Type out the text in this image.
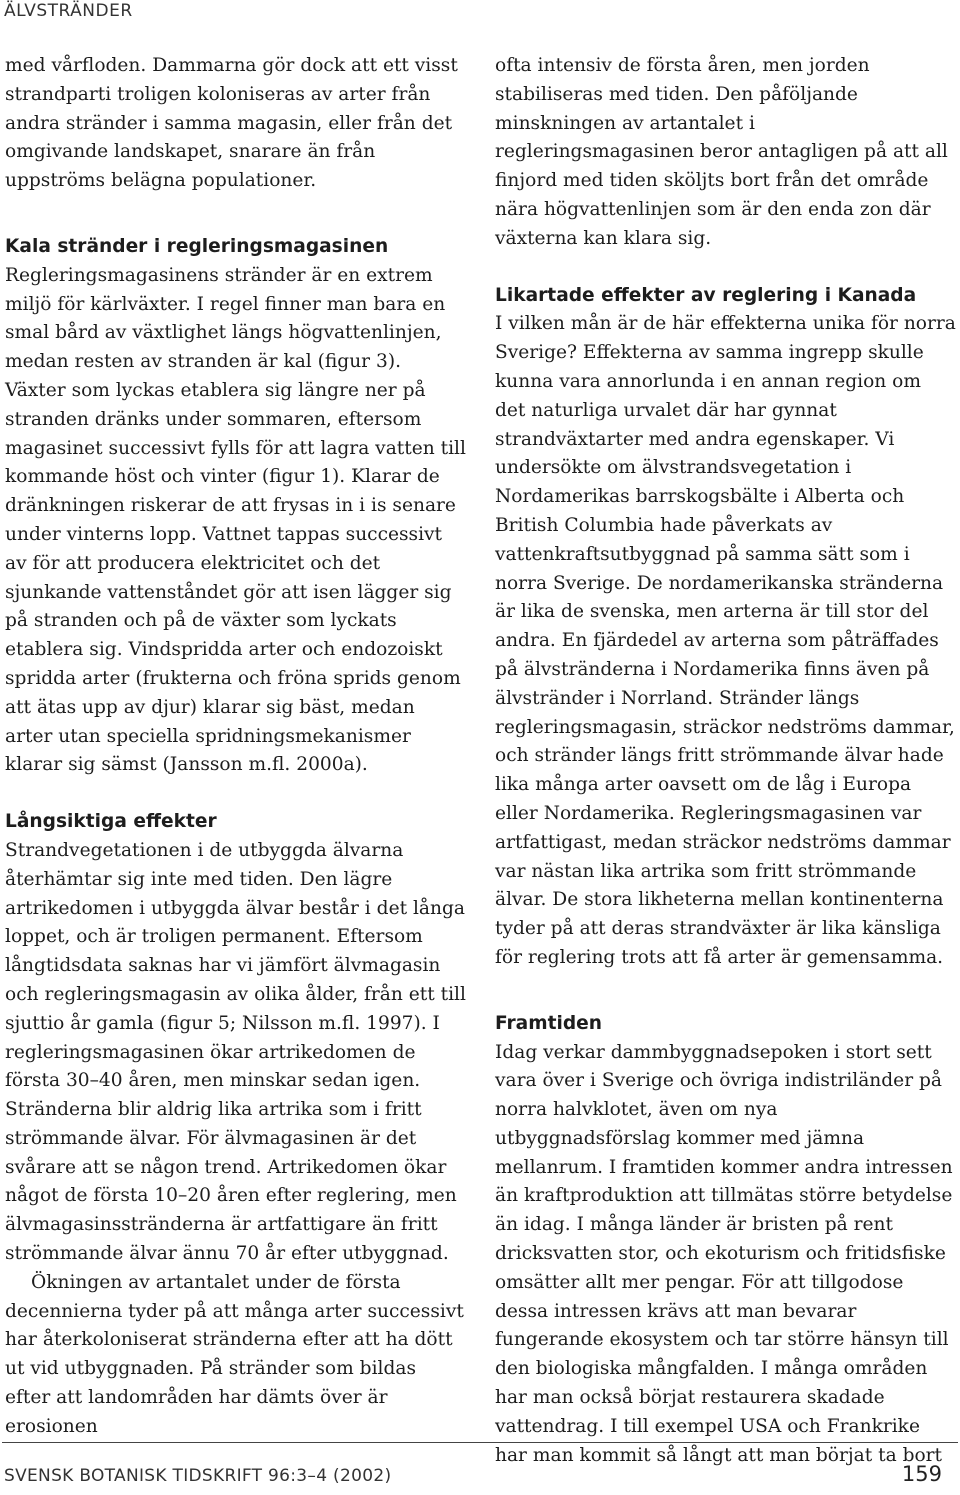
ÄLVSTRÄNDER

med vårfloden. Dammarna gör dock att ett visst strandparti troligen koloniseras av arter från andra stränder i samma magasin, eller från det omgivande landskapet, snarare än från uppströms belägna populationer.

Kala stränder i regleringsmagasinen

Regleringsmagasinens stränder är en extrem miljö för kärlväxter. I regel finner man bara en smal bård av växtlighet längs högvattenlinjen, medan resten av stranden är kal (figur 3). Växter som lyckas etablera sig längre ner på stranden dränks under sommaren, eftersom magasinet successivt fylls för att lagra vatten till kommande höst och vinter (figur 1). Klarar de dränkningen riskerar de att frysas in i is senare under vinterns lopp. Vattnet tappas successivt av för att producera elektricitet och det sjunkande vattenståndet gör att isen lägger sig på stranden och på de växter som lyckats etablera sig. Vindspridda arter och endozoiskt spridda arter (frukterna och fröna sprids genom att ätas upp av djur) klarar sig bäst, medan arter utan speciella spridningsmekanismer klarar sig sämst (Jansson m.fl. 2000a).

Långsiktiga effekter

Strandvegetationen i de utbyggda älvarna återhämtar sig inte med tiden. Den lägre artrikedomen i utbyggda älvar består i det långa loppet, och är troligen permanent. Eftersom långtidsdata saknas har vi jämfört älvmagasin och regleringsmagasin av olika ålder, från ett till sjuttio år gamla (figur 5; Nilsson m.fl. 1997). I regleringsmagasinen ökar artrikedomen de första 30–40 åren, men minskar sedan igen. Stränderna blir aldrig lika artrika som i fritt strömmande älvar. För älvmagasinen är det svårare att se någon trend. Artrikedomen ökar något de första 10–20 åren efter reglering, men älvmagasinsstränderna är artfattigare än fritt strömmande älvar ännu 70 år efter utbyggnad.

Ökningen av artantalet under de första decennierna tyder på att många arter successivt har återkoloniserat stränderna efter att ha dött ut vid utbyggnaden. På stränder som bildas efter att landområden har dämts över är erosionen

ofta intensiv de första åren, men jorden stabiliseras med tiden. Den påföljande minskningen av artantalet i regleringsmagasinen beror antagligen på att all finjord med tiden sköljts bort från det område nära högvattenlinjen som är den enda zon där växterna kan klara sig.

Likartade effekter av reglering i Kanada

I vilken mån är de här effekterna unika för norra Sverige? Effekterna av samma ingrepp skulle kunna vara annorlunda i en annan region om det naturliga urvalet där har gynnat strandväxtarter med andra egenskaper. Vi undersökte om älvstrandsvegetation i Nordamerikas barrskogsbälte i Alberta och British Columbia hade påverkats av vattenkraftsutbyggnad på samma sätt som i norra Sverige. De nordamerikanska stränderna är lika de svenska, men arterna är till stor del andra. En fjärdedel av arterna som påträffades på älvstränderna i Nordamerika finns även på älvstränder i Norrland. Stränder längs regleringsmagasin, sträckor nedströms dammar, och stränder längs fritt strömmande älvar hade lika många arter oavsett om de låg i Europa eller Nordamerika. Regleringsmagasinen var artfattigast, medan sträckor nedströms dammar var nästan lika artrika som fritt strömmande älvar. De stora likheterna mellan kontinenterna tyder på att deras strandväxter är lika känsliga för reglering trots att få arter är gemensamma.

Framtiden

Idag verkar dammbyggnadsepoken i stort sett vara över i Sverige och övriga indistriländer på norra halvklotet, även om nya utbyggnadsförslag kommer med jämna mellanrum. I framtiden kommer andra intressen än kraftproduktion att tillmätas större betydelse än idag. I många länder är bristen på rent dricksvatten stor, och ekoturism och fritidsfiske omsätter allt mer pengar. För att tillgodose dessa intressen krävs att man bevarar fungerande ekosystem och tar större hänsyn till den biologiska mångfalden. I många områden har man också börjat restaurera skadade vattendrag. I till exempel USA och Frankrike har man kommit så långt att man börjat ta bort

SVENSK BOTANISK TIDSKRIFT 96:3–4 (2002)	159
